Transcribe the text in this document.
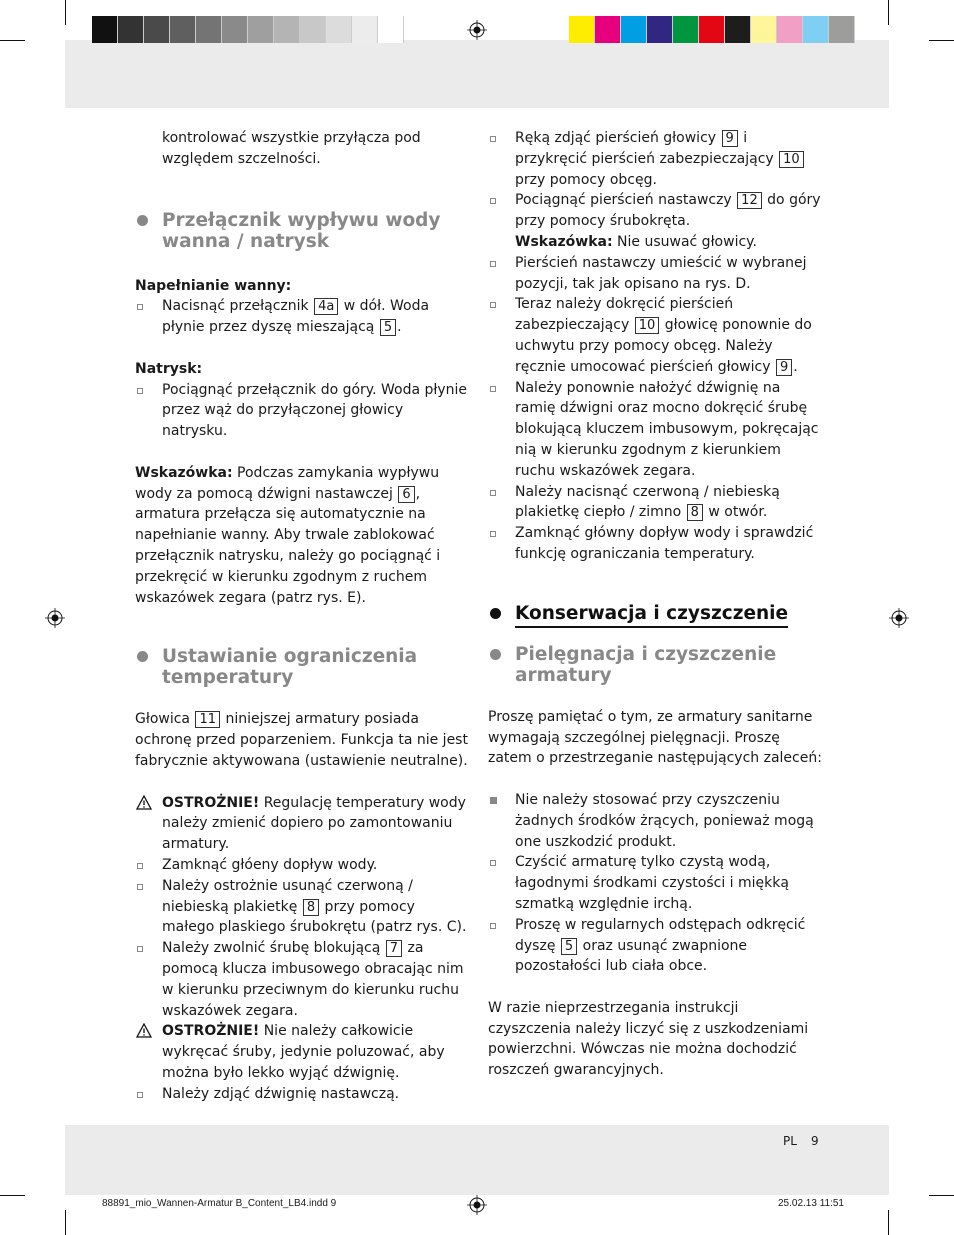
kontrolować wszystkie przyłącza pod względem szczelności.

Przełącznik wypływu wody wanna / natrysk

Napełnianie wanny:

Nacisnąć przełącznik 4a w dół. Woda płynie przez dyszę mieszającą 5 .

Natrysk:

Pociągnąć przełącznik do góry. Woda płynie przez wąż do przyłączonej głowicy natrysku.

Wskazówka: Podczas zamykania wypływu wody za pomocą dźwigni nastawczej 6 , armatura przełącza się automatycznie na napełnianie wanny. Aby trwale zablokować przełącznik natrysku, należy go pociągnąć i przekręcić w kierunku zgodnym z ruchem wskazówek zegara (patrz rys. E).

Ustawianie ograniczenia temperatury

Głowica 11 niniejszej armatury posiada ochronę przed poparzeniem. Funkcja ta nie jest fabrycznie aktywowana (ustawienie neutralne).

OSTROŻNIE! Regulację temperatury wody należy zmienić dopiero po zamontowaniu armatury.

Zamknąć głóeny dopływ wody.

Należy ostrożnie usunąć czerwoną / niebieską plakietkę 8 przy pomocy małego plaskiego śrubokrętu (patrz rys. C).

Należy zwolnić śrubę blokującą 7 za pomocą klucza imbusowego obracając nim w kierunku przeciwnym do kierunku ruchu wskazówek zegara.

OSTROŻNIE! Nie należy całkowicie wykręcać śruby, jedynie poluzować, aby można było lekko wyjąć dźwignię.

Należy zdjąć dźwignię nastawczą.

Ręką zdjąć pierścień głowicy 9 i przykręcić pierścień zabezpieczający 10 przy pomocy obcęg.

Pociągnąć pierścień nastawczy 12 do góry przy pomocy śrubokręta.

Wskazówka: Nie usuwać głowicy.

Pierścień nastawczy umieścić w wybranej pozycji, tak jak opisano na rys. D.

Teraz należy dokręcić pierścień zabezpieczający 10 głowicę ponownie do uchwytu przy pomocy obcęg. Należy ręcznie umocować pierścień głowicy 9 .

Należy ponownie nałożyć dźwignię na ramię dźwigni oraz mocno dokręcić śrubę blokującą kluczem imbusowym, pokręcając nią w kierunku zgodnym z kierunkiem ruchu wskazówek zegara.

Należy nacisnąć czerwoną / niebieską plakietkę ciepło / zimno 8 w otwór.

Zamknąć główny dopływ wody i sprawdzić funkcję ograniczania temperatury.

Konserwacja i czyszczenie
Pielęgnacja i czyszczenie armatury

Proszę pamiętać o tym, ze armatury sanitarne wymagają szczególnej pielęgnacji. Proszę zatem o przestrzeganie następujących zaleceń:

Nie należy stosować przy czyszczeniu żadnych środków żrących, ponieważ mogą one uszkodzić produkt.

Czyścić armaturę tylko czystą wodą, łagodnymi środkami czystości i miękką szmatką względnie irchą.

Proszę w regularnych odstępach odkręcić dyszę 5 oraz usunąć zwapnione pozostałości lub ciała obce.

W razie nieprzestrzegania instrukcji czyszczenia należy liczyć się z uszkodzeniami powierzchni. Wówczas nie można dochodzić roszczeń gwarancyjnych.

PL 9
88891_mio_Wannen-Armatur B_Content_LB4.indd 9	25.02.13 11:51
